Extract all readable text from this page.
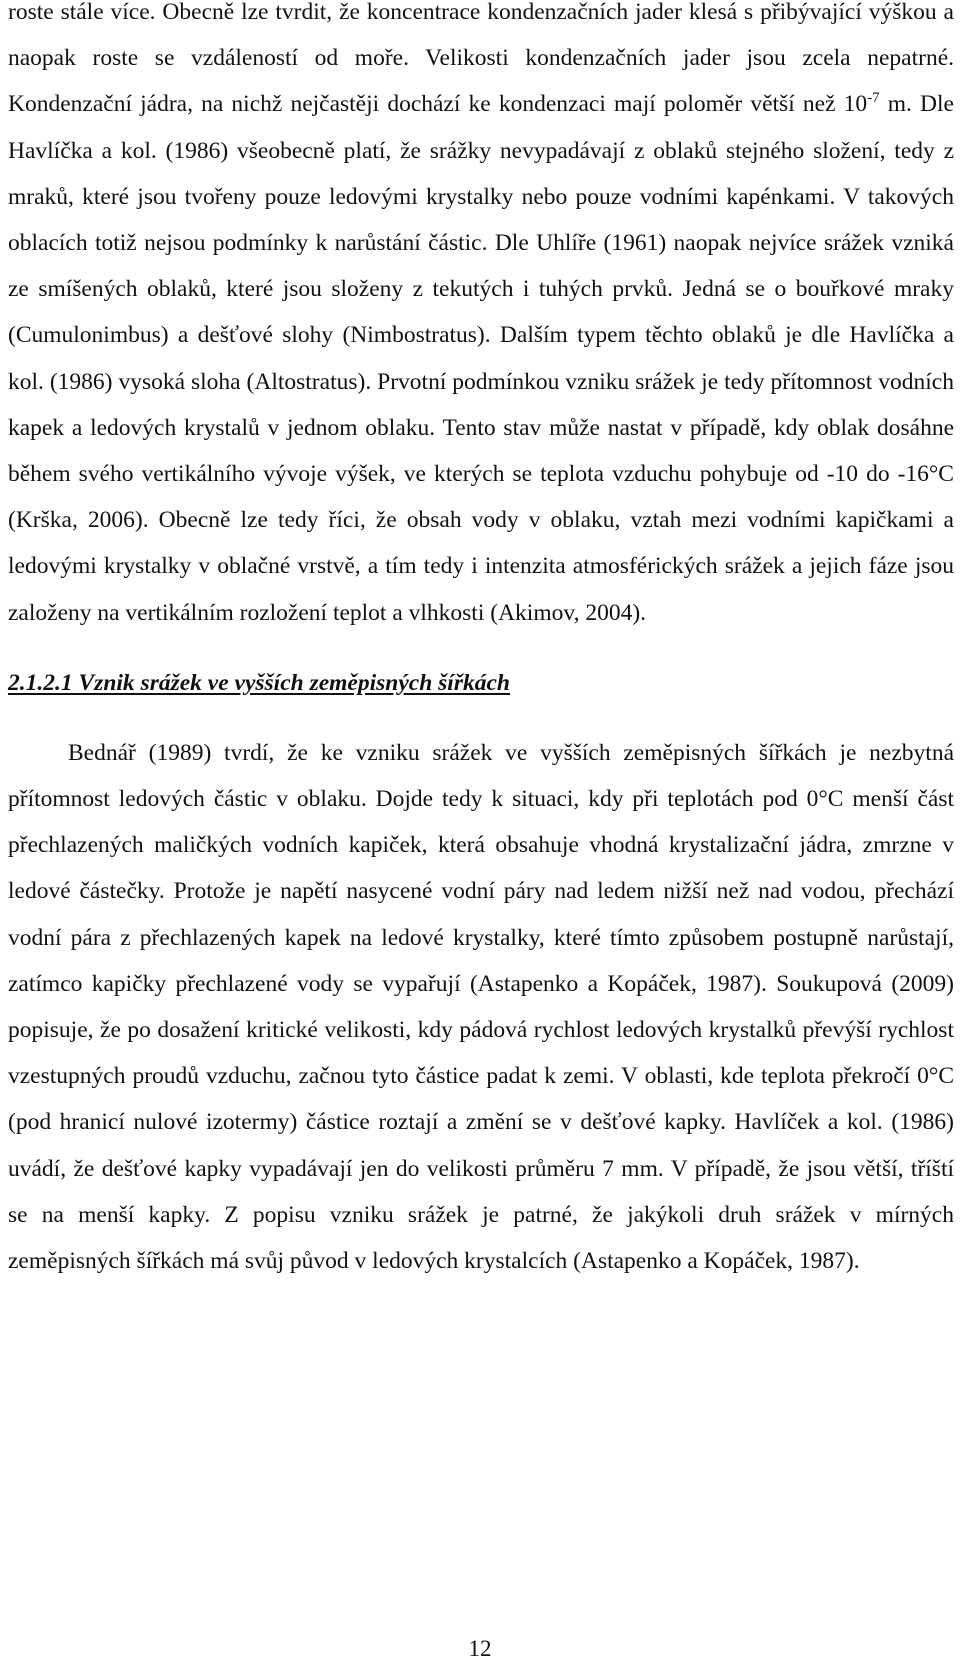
roste stále více. Obecně lze tvrdit, že koncentrace kondenzačních jader klesá s přibývající výškou a naopak roste se vzdáleností od moře. Velikosti kondenzačních jader jsou zcela nepatrné. Kondenzační jádra, na nichž nejčastěji dochází ke kondenzaci mají poloměr větší než $10^{-7}$ m. Dle Havlíčka a kol. (1986) všeobecně platí, že srážky nevypadávají z oblaků stejného složení, tedy z mraků, které jsou tvořeny pouze ledovými krystalky nebo pouze vodními kapénkami. V takových oblacích totiž nejsou podmínky k narůstání částic. Dle Uhlíře (1961) naopak nejvíce srážek vzniká ze smíšených oblaků, které jsou složeny z tekutých i tuhých prvků. Jedná se o bouřkové mraky (Cumulonimbus) a dešťové slohy (Nimbostratus). Dalším typem těchto oblaků je dle Havlíčka a kol. (1986) vysoká sloha (Altostratus). Prvotní podmínkou vzniku srážek je tedy přítomnost vodních kapek a ledových krystalů v jednom oblaku. Tento stav může nastat v případě, kdy oblak dosáhne během svého vertikálního vývoje výšek, ve kterých se teplota vzduchu pohybuje od -10 do -16°C (Krška, 2006). Obecně lze tedy říci, že obsah vody v oblaku, vztah mezi vodními kapičkami a ledovými krystalky v oblačné vrstvě, a tím tedy i intenzita atmosférických srážek a jejich fáze jsou založeny na vertikálním rozložení teplot a vlhkosti (Akimov, 2004).

2.1.2.1 Vznik srážek ve vyšších zeměpisných šířkách

Bednář (1989) tvrdí, že ke vzniku srážek ve vyšších zeměpisných šířkách je nezbytná přítomnost ledových částic v oblaku. Dojde tedy k situaci, kdy při teplotách pod 0°C menší část přechlazených maličkých vodních kapiček, která obsahuje vhodná krystalizační jádra, zmrzne v ledové částečky. Protože je napětí nasycené vodní páry nad ledem nižší než nad vodou, přechází vodní pára z přechlazených kapek na ledové krystalky, které tímto způsobem postupně narůstají, zatímco kapičky přechlazené vody se vypařují (Astapenko a Kopáček, 1987). Soukupová (2009) popisuje, že po dosažení kritické velikosti, kdy pádová rychlost ledových krystalků převýší rychlost vzestupných proudů vzduchu, začnou tyto částice padat k zemi. V oblasti, kde teplota překročí 0°C (pod hranicí nulové izotermy) částice roztají a změní se v dešťové kapky. Havlíček a kol. (1986) uvádí, že dešťové kapky vypadávají jen do velikosti průměru 7 mm. V případě, že jsou větší, tříští se na menší kapky. Z popisu vzniku srážek je patrné, že jakýkoli druh srážek v mírných zeměpisných šířkách má svůj původ v ledových krystalcích (Astapenko a Kopáček, 1987).

12
